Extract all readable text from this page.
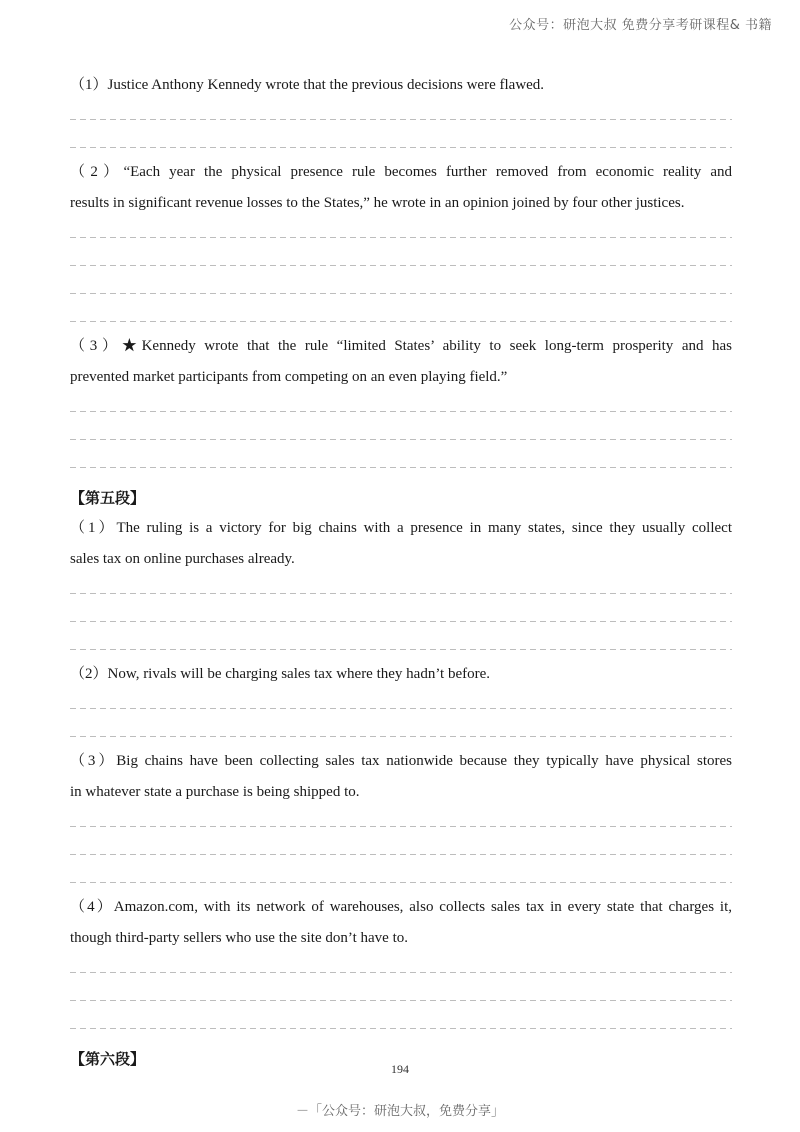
公众号：研泡大叔 免费分享考研课程& 书籍
（1）Justice Anthony Kennedy wrote that the previous decisions were flawed.
（2）“Each year the physical presence rule becomes further removed from economic reality and
results in significant revenue losses to the States,” he wrote in an opinion joined by four other justices.
（3）★Kennedy wrote that the rule “limited States’ ability to seek long-term prosperity and has
prevented market participants from competing on an even playing field.”
【第五段】
（1）The ruling is a victory for big chains with a presence in many states, since they usually collect
sales tax on online purchases already.
（2）Now, rivals will be charging sales tax where they hadn’t before.
（3）Big chains have been collecting sales tax nationwide because they typically have physical stores
in whatever state a purchase is being shipped to.
（4）Amazon.com, with its network of warehouses, also collects sales tax in every state that charges it,
though third-party sellers who use the site don’t have to.
【第六段】
194
－「公众号：研泡大叔，免费分享」
